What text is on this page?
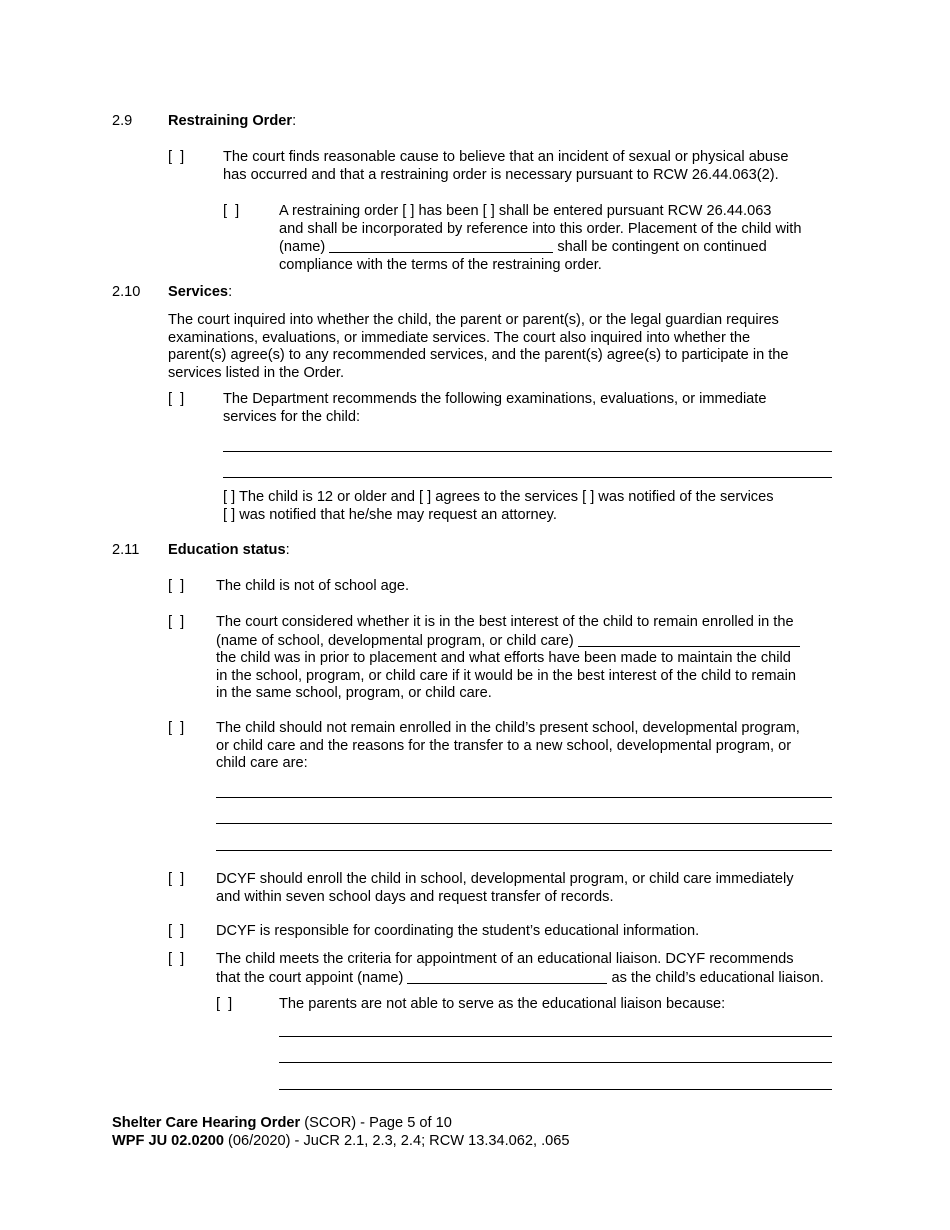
2.9 Restraining Order:
[  ]	The court finds reasonable cause to believe that an incident of sexual or physical abuse
has occurred and that a restraining order is necessary pursuant to RCW 26.44.063(2).
[  ]	A restraining order [ ] has been [ ] shall be entered pursuant RCW 26.44.063
and shall be incorporated by reference into this order. Placement of the child with
(name)	shall be contingent on continued
compliance with the terms of the restraining order.
2.10 Services:
The court inquired into whether the child, the parent or parent(s), or the legal guardian requires
examinations, evaluations, or immediate services. The court also inquired into whether the
parent(s) agree(s) to any recommended services, and the parent(s) agree(s) to participate in the
services listed in the Order.
[  ]	The Department recommends the following examinations, evaluations, or immediate
services for the child:
[ ] The child is 12 or older and [ ] agrees to the services [ ] was notified of the services
[ ] was notified that he/she may request an attorney.
2.11 Education status:
[  ] The child is not of school age.
[  ] The court considered whether it is in the best interest of the child to remain enrolled in the
(name of school, developmental program, or child care)
the child was in prior to placement and what efforts have been made to maintain the child
in the school, program, or child care if it would be in the best interest of the child to remain
in the same school, program, or child care.
[  ] The child should not remain enrolled in the child’s present school, developmental program,
or child care and the reasons for the transfer to a new school, developmental program, or
child care are:
[  ] DCYF should enroll the child in school, developmental program, or child care immediately
and within seven school days and request transfer of records.
[  ] DCYF is responsible for coordinating the student’s educational information.
[  ] The child meets the criteria for appointment of an educational liaison. DCYF recommends
that the court appoint (name)	as the child’s educational liaison.
[  ]	The parents are not able to serve as the educational liaison because:
Shelter Care Hearing Order (SCOR) - Page 5 of 10
WPF JU 02.0200 (06/2020) - JuCR 2.1, 2.3, 2.4; RCW 13.34.062, .065
